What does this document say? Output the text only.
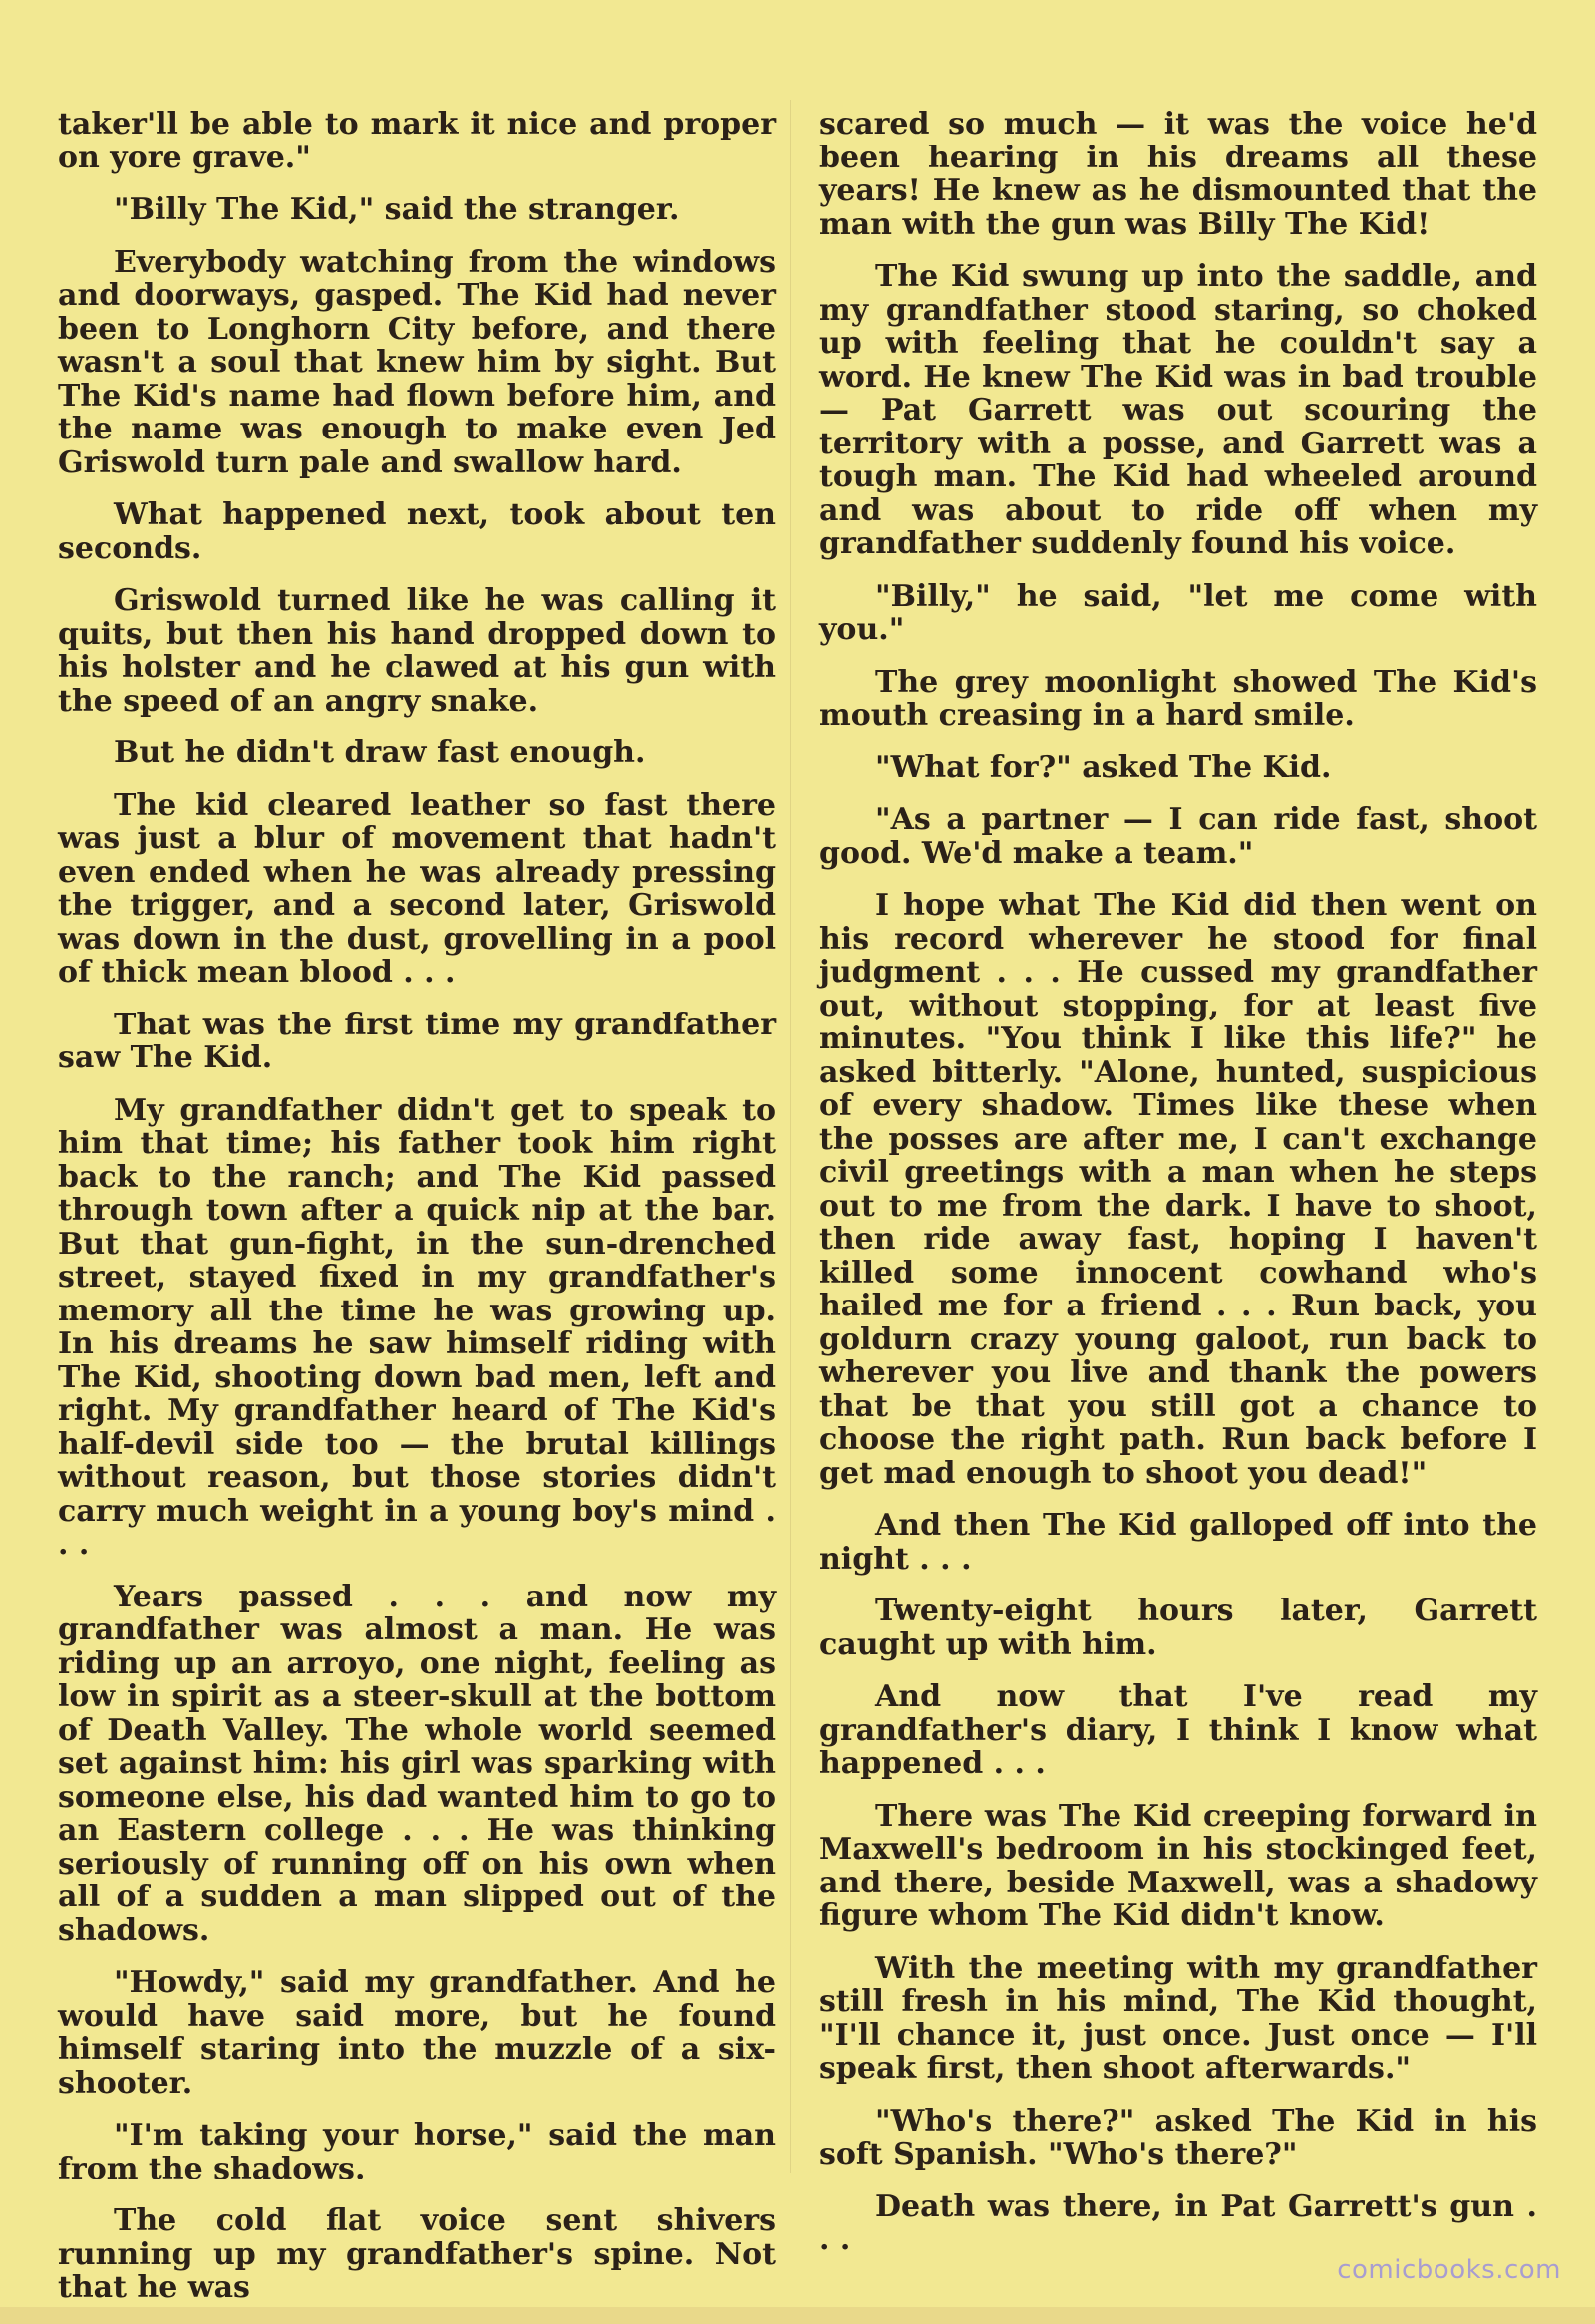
taker'll be able to mark it nice and proper on yore grave."

"Billy The Kid," said the stranger.

Everybody watching from the windows and doorways, gasped. The Kid had never been to Longhorn City before, and there wasn't a soul that knew him by sight. But The Kid's name had flown before him, and the name was enough to make even Jed Griswold turn pale and swallow hard.

What happened next, took about ten seconds.

Griswold turned like he was calling it quits, but then his hand dropped down to his holster and he clawed at his gun with the speed of an angry snake.

But he didn't draw fast enough.

The kid cleared leather so fast there was just a blur of movement that hadn't even ended when he was already pressing the trigger, and a second later, Griswold was down in the dust, grovelling in a pool of thick mean blood . . .

That was the first time my grandfather saw The Kid.

My grandfather didn't get to speak to him that time; his father took him right back to the ranch; and The Kid passed through town after a quick nip at the bar. But that gun-fight, in the sun-drenched street, stayed fixed in my grandfather's memory all the time he was growing up. In his dreams he saw himself riding with The Kid, shooting down bad men, left and right. My grandfather heard of The Kid's half-devil side too — the brutal killings without reason, but those stories didn't carry much weight in a young boy's mind . . .

Years passed . . . and now my grandfather was almost a man. He was riding up an arroyo, one night, feeling as low in spirit as a steer-skull at the bottom of Death Valley. The whole world seemed set against him: his girl was sparking with someone else, his dad wanted him to go to an Eastern college . . . He was thinking seriously of running off on his own when all of a sudden a man slipped out of the shadows.

"Howdy," said my grandfather. And he would have said more, but he found himself staring into the muzzle of a six-shooter.

"I'm taking your horse," said the man from the shadows.

The cold flat voice sent shivers running up my grandfather's spine. Not that he was

scared so much — it was the voice he'd been hearing in his dreams all these years! He knew as he dismounted that the man with the gun was Billy The Kid!

The Kid swung up into the saddle, and my grandfather stood staring, so choked up with feeling that he couldn't say a word. He knew The Kid was in bad trouble — Pat Garrett was out scouring the territory with a posse, and Garrett was a tough man. The Kid had wheeled around and was about to ride off when my grandfather suddenly found his voice.

"Billy," he said, "let me come with you."

The grey moonlight showed The Kid's mouth creasing in a hard smile.

"What for?" asked The Kid.

"As a partner — I can ride fast, shoot good. We'd make a team."

I hope what The Kid did then went on his record wherever he stood for final judgment . . . He cussed my grandfather out, without stopping, for at least five minutes. "You think I like this life?" he asked bitterly. "Alone, hunted, suspicious of every shadow. Times like these when the posses are after me, I can't exchange civil greetings with a man when he steps out to me from the dark. I have to shoot, then ride away fast, hoping I haven't killed some innocent cowhand who's hailed me for a friend . . . Run back, you goldurn crazy young galoot, run back to wherever you live and thank the powers that be that you still got a chance to choose the right path. Run back before I get mad enough to shoot you dead!"

And then The Kid galloped off into the night . . .

Twenty-eight hours later, Garrett caught up with him.

And now that I've read my grandfather's diary, I think I know what happened . . .

There was The Kid creeping forward in Maxwell's bedroom in his stockinged feet, and there, beside Maxwell, was a shadowy figure whom The Kid didn't know.

With the meeting with my grandfather still fresh in his mind, The Kid thought, "I'll chance it, just once. Just once — I'll speak first, then shoot afterwards."

"Who's there?" asked The Kid in his soft Spanish. "Who's there?"

Death was there, in Pat Garrett's gun . . .

comicbooks.com
